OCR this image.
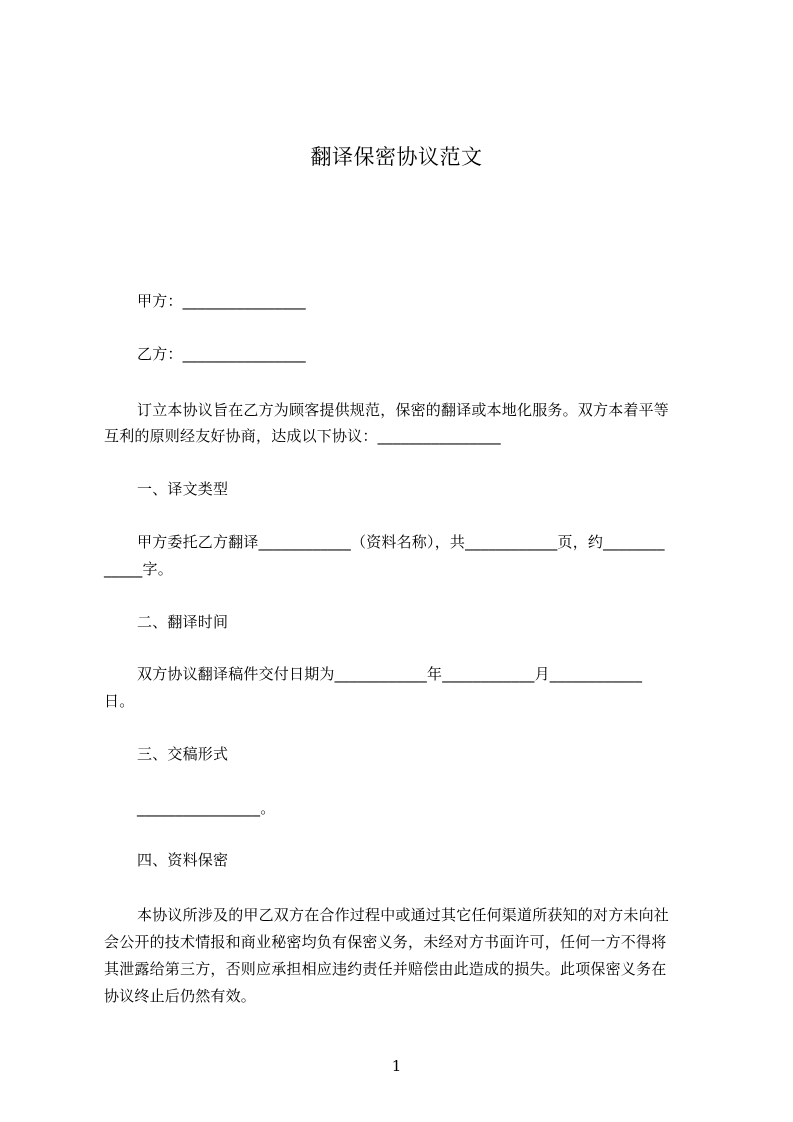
翻译保密协议范文
甲方：________________
乙方：________________
订立本协议旨在乙方为顾客提供规范，保密的翻译或本地化服务。双方本着平等
互利的原则经友好协商，达成以下协议：________________
一、译文类型
甲方委托乙方翻译____________（资料名称），共____________页，约________
_____字。
二、翻译时间
双方协议翻译稿件交付日期为____________年____________月____________
日。
三、交稿形式
________________。
四、资料保密
本协议所涉及的甲乙双方在合作过程中或通过其它任何渠道所获知的对方未向社
会公开的技术情报和商业秘密均负有保密义务，未经对方书面许可，任何一方不得将
其泄露给第三方，否则应承担相应违约责任并赔偿由此造成的损失。此项保密义务在
协议终止后仍然有效。
1
